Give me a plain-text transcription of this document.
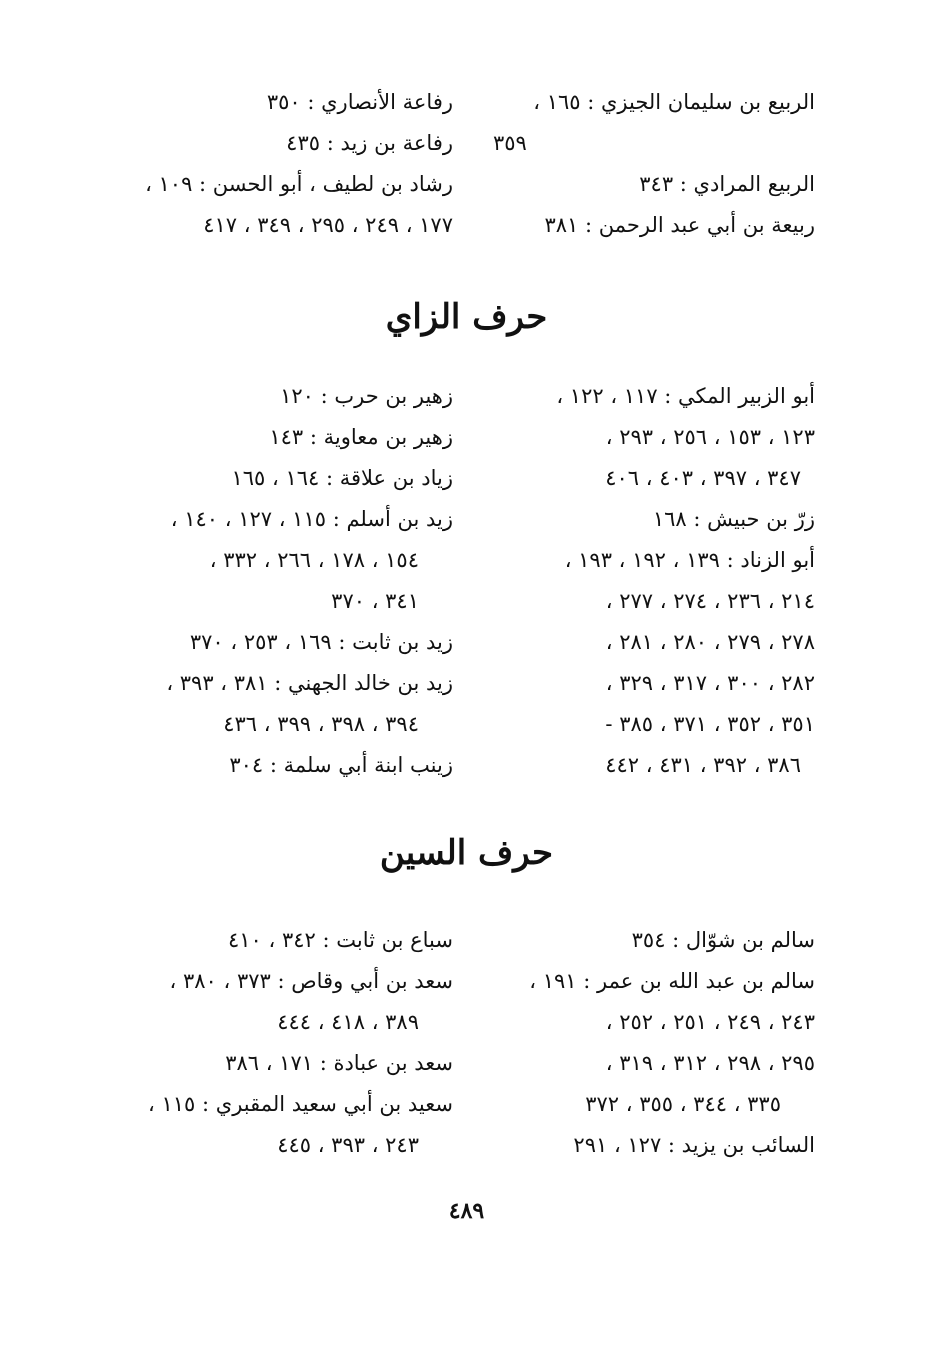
الربيع بن سليمان الجيزي : ١٦٥ ،
٣٥٩
الربيع المرادي : ٣٤٣
ربيعة بن أبي عبد الرحمن : ٣٨١
رفاعة الأنصاري : ٣٥٠
رفاعة بن زيد : ٤٣٥
رشاد بن لطيف ، أبو الحسن : ١٠٩ ،
١٧٧ ، ٢٤٩ ، ٢٩٥ ، ٣٤٩ ، ٤١٧
حرف الزاي
أبو الزبير المكي : ١١٧ ، ١٢٢ ،
١٢٣ ، ١٥٣ ، ٢٥٦ ، ٢٩٣ ،
٣٤٧ ، ٣٩٧ ، ٤٠٣ ، ٤٠٦
زرّ بن حبيش : ١٦٨
أبو الزناد : ١٣٩ ، ١٩٢ ، ١٩٣ ،
٢١٤ ، ٢٣٦ ، ٢٧٤ ، ٢٧٧ ،
٢٧٨ ، ٢٧٩ ، ٢٨٠ ، ٢٨١ ،
٢٨٢ ، ٣٠٠ ، ٣١٧ ، ٣٢٩ ،
٣٥١ ، ٣٥٢ ، ٣٧١ ، ٣٨٥ -
٣٨٦ ، ٣٩٢ ، ٤٣١ ، ٤٤٢
زهير بن حرب : ١٢٠
زهير بن معاوية : ١٤٣
زياد بن علاقة : ١٦٤ ، ١٦٥
زيد بن أسلم : ١١٥ ، ١٢٧ ، ١٤٠ ،
١٥٤ ، ١٧٨ ، ٢٦٦ ، ٣٣٢ ،
٣٤١ ، ٣٧٠
زيد بن ثابت : ١٦٩ ، ٢٥٣ ، ٣٧٠
زيد بن خالد الجهني : ٣٨١ ، ٣٩٣ ،
٣٩٤ ، ٣٩٨ ، ٣٩٩ ، ٤٣٦
زينب ابنة أبي سلمة : ٣٠٤
حرف السين
سالم بن شوّال : ٣٥٤
سالم بن عبد الله بن عمر : ١٩١ ،
٢٤٣ ، ٢٤٩ ، ٢٥١ ، ٢٥٢ ،
٢٩٥ ، ٢٩٨ ، ٣١٢ ، ٣١٩ ،
٣٣٥ ، ٣٤٤ ، ٣٥٥ ، ٣٧٢
السائب بن يزيد : ١٢٧ ، ٢٩١
سباع بن ثابت : ٣٤٢ ، ٤١٠
سعد بن أبي وقاص : ٣٧٣ ، ٣٨٠ ،
٣٨٩ ، ٤١٨ ، ٤٤٤
سعد بن عبادة : ١٧١ ، ٣٨٦
سعيد بن أبي سعيد المقبري : ١١٥ ،
٢٤٣ ، ٣٩٣ ، ٤٤٥
٤٨٩
